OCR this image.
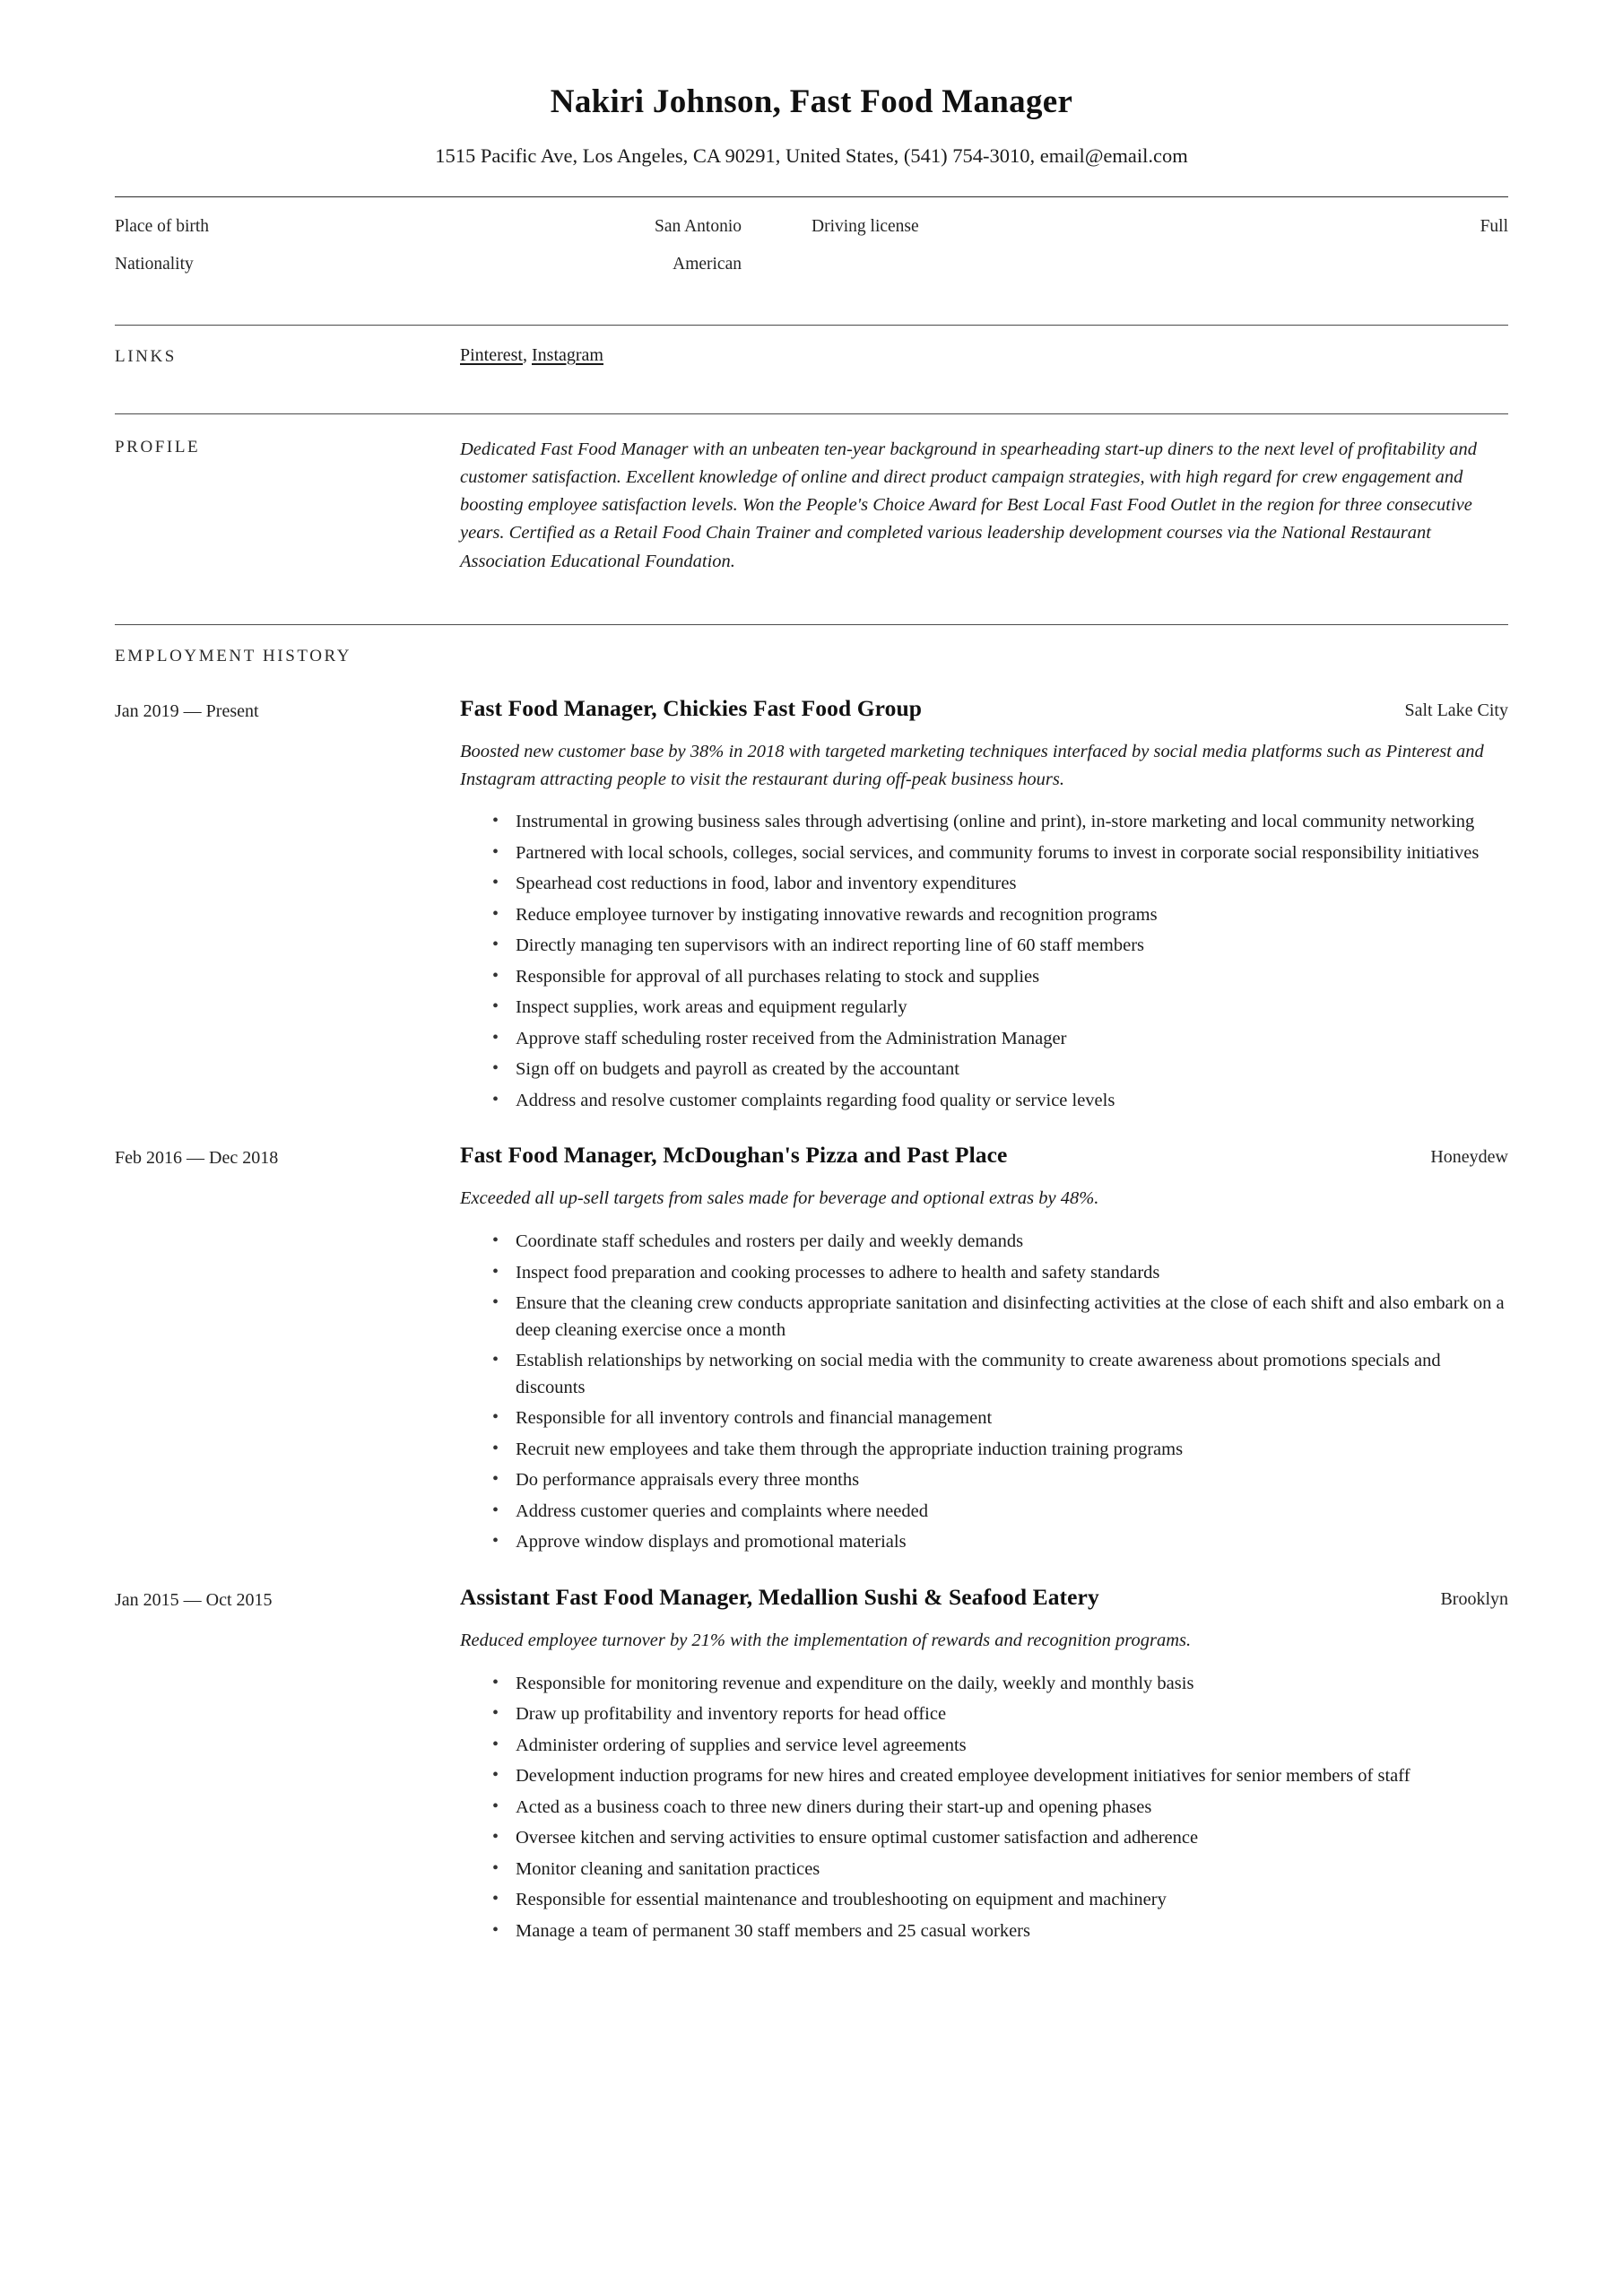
Nakiri Johnson, Fast Food Manager
1515 Pacific Ave, Los Angeles, CA 90291, United States, (541) 754-3010, email@email.com
Place of birth	San Antonio	Driving license	Full
Nationality	American
LINKS	Pinterest, Instagram
PROFILE	Dedicated Fast Food Manager with an unbeaten ten-year background in spearheading start-up diners to the next level of profitability and customer satisfaction. Excellent knowledge of online and direct product campaign strategies, with high regard for crew engagement and boosting employee satisfaction levels. Won the People's Choice Award for Best Local Fast Food Outlet in the region for three consecutive years. Certified as a Retail Food Chain Trainer and completed various leadership development courses via the National Restaurant Association Educational Foundation.
EMPLOYMENT HISTORY
Jan 2019 — Present	Fast Food Manager, Chickies Fast Food Group	Salt Lake City
Boosted new customer base by 38% in 2018 with targeted marketing techniques interfaced by social media platforms such as Pinterest and Instagram attracting people to visit the restaurant during off-peak business hours.
• Instrumental in growing business sales through advertising (online and print), in-store marketing and local community networking
• Partnered with local schools, colleges, social services, and community forums to invest in corporate social responsibility initiatives
• Spearhead cost reductions in food, labor and inventory expenditures
• Reduce employee turnover by instigating innovative rewards and recognition programs
• Directly managing ten supervisors with an indirect reporting line of 60 staff members
• Responsible for approval of all purchases relating to stock and supplies
• Inspect supplies, work areas and equipment regularly
• Approve staff scheduling roster received from the Administration Manager
• Sign off on budgets and payroll as created by the accountant
• Address and resolve customer complaints regarding food quality or service levels
Feb 2016 — Dec 2018	Fast Food Manager, McDoughan's Pizza and Past Place	Honeydew
Exceeded all up-sell targets from sales made for beverage and optional extras by 48%.
• Coordinate staff schedules and rosters per daily and weekly demands
• Inspect food preparation and cooking processes to adhere to health and safety standards
• Ensure that the cleaning crew conducts appropriate sanitation and disinfecting activities at the close of each shift and also embark on a deep cleaning exercise once a month
• Establish relationships by networking on social media with the community to create awareness about promotions specials and discounts
• Responsible for all inventory controls and financial management
• Recruit new employees and take them through the appropriate induction training programs
• Do performance appraisals every three months
• Address customer queries and complaints where needed
• Approve window displays and promotional materials
Jan 2015 — Oct 2015	Assistant Fast Food Manager, Medallion Sushi & Seafood Eatery	Brooklyn
Reduced employee turnover by 21% with the implementation of rewards and recognition programs.
• Responsible for monitoring revenue and expenditure on the daily, weekly and monthly basis
• Draw up profitability and inventory reports for head office
• Administer ordering of supplies and service level agreements
• Development induction programs for new hires and created employee development initiatives for senior members of staff
• Acted as a business coach to three new diners during their start-up and opening phases
• Oversee kitchen and serving activities to ensure optimal customer satisfaction and adherence
• Monitor cleaning and sanitation practices
• Responsible for essential maintenance and troubleshooting on equipment and machinery
• Manage a team of permanent 30 staff members and 25 casual workers
